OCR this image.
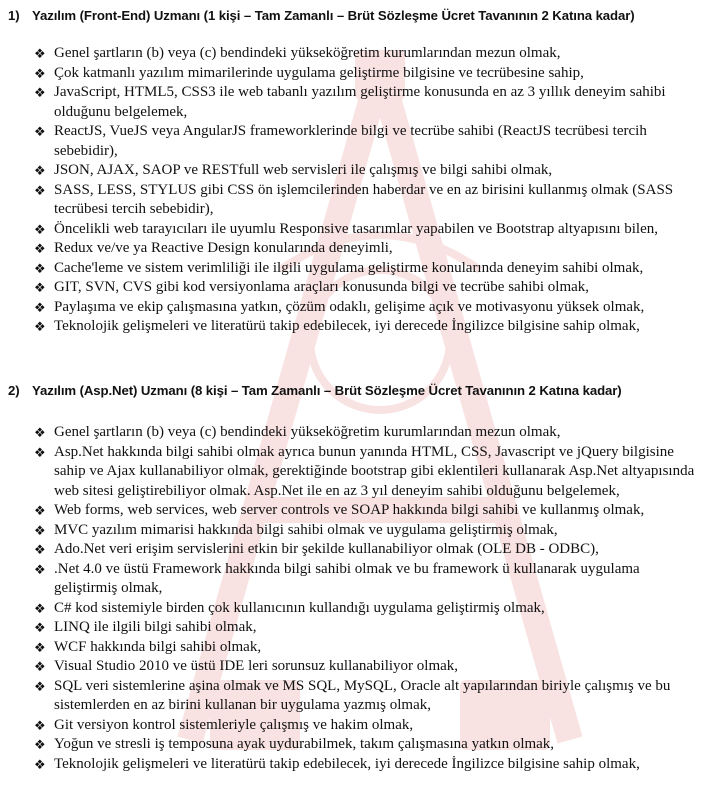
1) Yazılım (Front-End) Uzmanı (1 kişi – Tam Zamanlı – Brüt Sözleşme Ücret Tavanının 2 Katına kadar)
❖ Genel şartların (b) veya (c) bendindeki yükseköğretim kurumlarından mezun olmak,
❖ Çok katmanlı yazılım mimarilerinde uygulama geliştirme bilgisine ve tecrübesine sahip,
❖ JavaScript, HTML5, CSS3 ile web tabanlı yazılım geliştirme konusunda en az 3 yıllık deneyim sahibi olduğunu belgelemek,
❖ ReactJS, VueJS veya AngularJS frameworklerinde bilgi ve tecrübe sahibi (ReactJS tecrübesi tercih sebebidir),
❖ JSON, AJAX, SAOP ve RESTfull web servisleri ile çalışmış ve bilgi sahibi olmak,
❖ SASS, LESS, STYLUS gibi CSS ön işlemcilerinden haberdar ve en az birisini kullanmış olmak (SASS tecrübesi tercih sebebidir),
❖ Öncelikli web tarayıcıları ile uyumlu Responsive tasarımlar yapabilen ve Bootstrap altyapısını bilen,
❖ Redux ve/ve ya Reactive Design konularında deneyimli,
❖ Cache'leme ve sistem verimliliği ile ilgili uygulama geliştirme konularında deneyim sahibi olmak,
❖ GIT, SVN, CVS gibi kod versiyonlama araçları konusunda bilgi ve tecrübe sahibi olmak,
❖ Paylaşıma ve ekip çalışmasına yatkın, çözüm odaklı, gelişime açık ve motivasyonu yüksek olmak,
❖ Teknolojik gelişmeleri ve literatürü takip edebilecek, iyi derecede İngilizce bilgisine sahip olmak,
2) Yazılım (Asp.Net) Uzmanı (8 kişi – Tam Zamanlı – Brüt Sözleşme Ücret Tavanının 2 Katına kadar)
❖ Genel şartların (b) veya (c) bendindeki yükseköğretim kurumlarından mezun olmak,
❖ Asp.Net hakkında bilgi sahibi olmak ayrıca bunun yanında HTML, CSS, Javascript ve jQuery bilgisine sahip ve Ajax kullanabiliyor olmak, gerektiğinde bootstrap gibi eklentileri kullanarak Asp.Net altyapısında web sitesi geliştirebiliyor olmak. Asp.Net ile en az 3 yıl deneyim sahibi olduğunu belgelemek,
❖ Web forms, web services, web server controls ve SOAP hakkında bilgi sahibi ve kullanmış olmak,
❖ MVC yazılım mimarisi hakkında bilgi sahibi olmak ve uygulama geliştirmiş olmak,
❖ Ado.Net veri erişim servislerini etkin bir şekilde kullanabiliyor olmak (OLE DB - ODBC),
❖ .Net 4.0 ve üstü Framework hakkında bilgi sahibi olmak ve bu framework ü kullanarak uygulama geliştirmiş olmak,
❖ C# kod sistemiyle birden çok kullanıcının kullandığı uygulama geliştirmiş olmak,
❖ LINQ ile ilgili bilgi sahibi olmak,
❖ WCF hakkında bilgi sahibi olmak,
❖ Visual Studio 2010 ve üstü IDE leri sorunsuz kullanabiliyor olmak,
❖ SQL veri sistemlerine aşina olmak ve MS SQL, MySQL, Oracle alt yapılarından biriyle çalışmış ve bu sistemlerden en az birini kullanan bir uygulama yazmış olmak,
❖ Git versiyon kontrol sistemleriyle çalışmış ve hakim olmak,
❖ Yoğun ve stresli iş temposuna ayak uydurabilmek, takım çalışmasına yatkın olmak,
❖ Teknolojik gelişmeleri ve literatürü takip edebilecek, iyi derecede İngilizce bilgisine sahip olmak,
